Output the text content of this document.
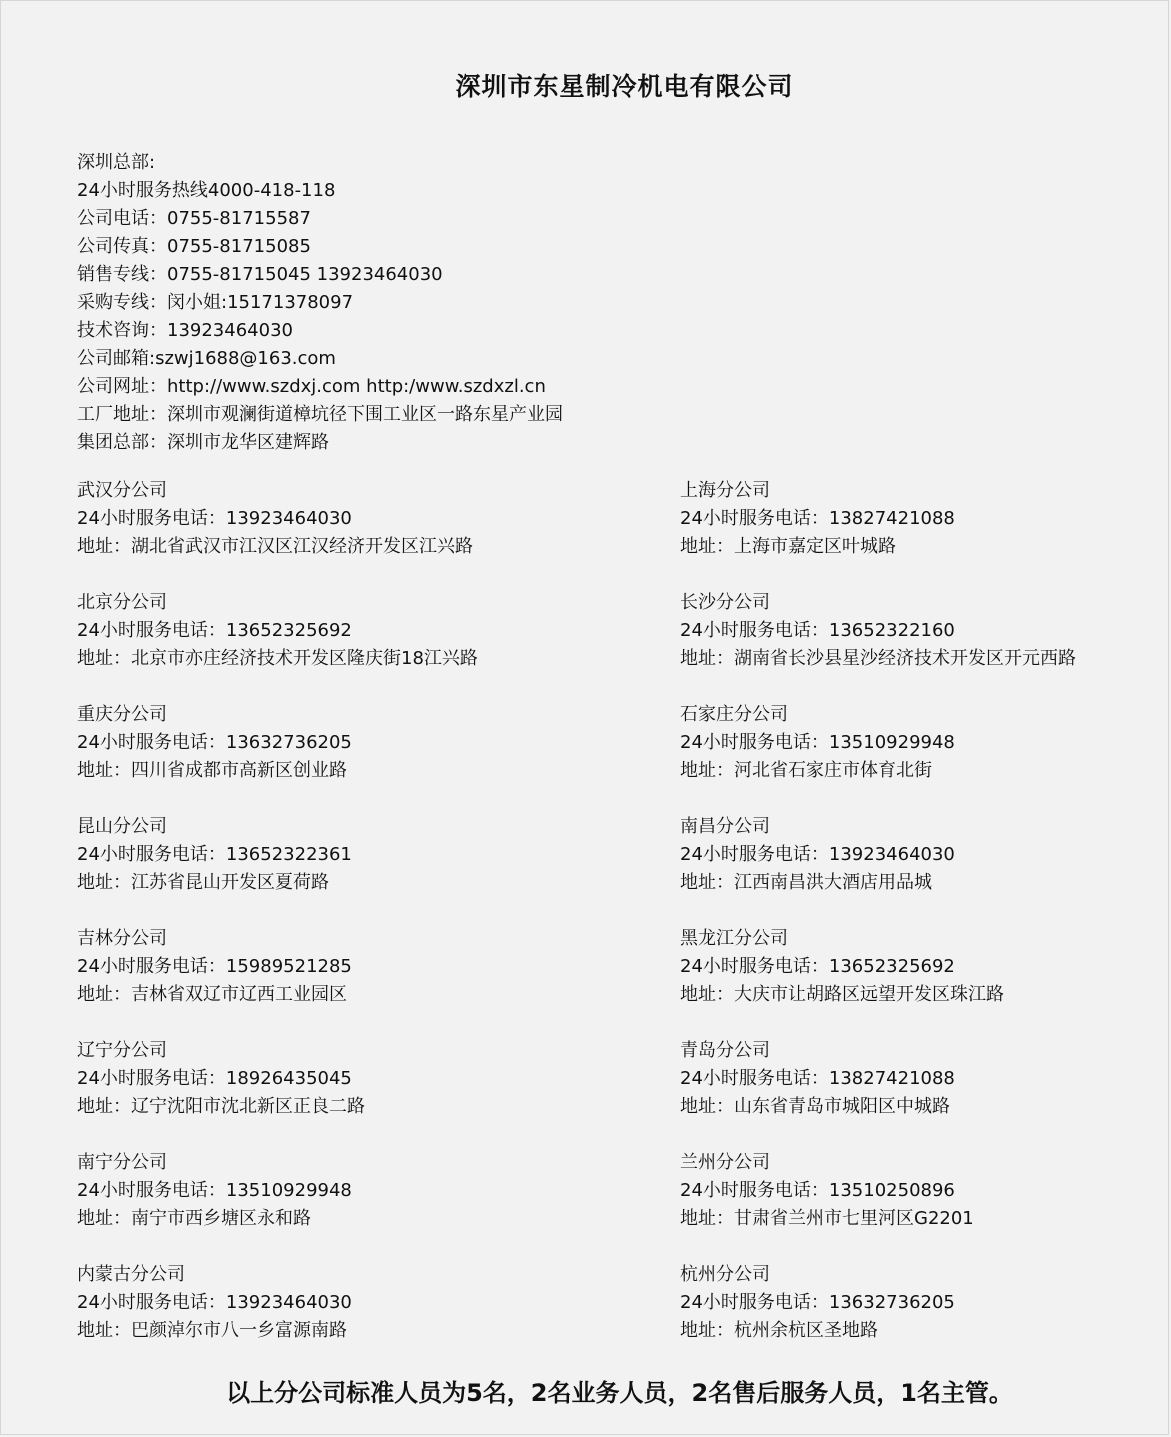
深圳市东星制冷机电有限公司
深圳总部:
24小时服务热线4000-418-118
公司电话：0755-81715587
公司传真：0755-81715085
销售专线：0755-81715045 13923464030
采购专线：闵小姐:15171378097
技术咨询：13923464030
公司邮箱:szwj1688@163.com
公司网址：http://www.szdxj.com http:/www.szdxzl.cn
工厂地址：深圳市观澜街道樟坑径下围工业区一路东星产业园
集团总部：深圳市龙华区建辉路
武汉分公司
24小时服务电话：13923464030
地址：湖北省武汉市江汉区江汉经济开发区江兴路
上海分公司
24小时服务电话：13827421088
地址：上海市嘉定区叶城路
北京分公司
24小时服务电话：13652325692
地址：北京市亦庄经济技术开发区隆庆街18江兴路
长沙分公司
24小时服务电话：13652322160
地址：湖南省长沙县星沙经济技术开发区开元西路
重庆分公司
24小时服务电话：13632736205
地址：四川省成都市高新区创业路
石家庄分公司
24小时服务电话：13510929948
地址：河北省石家庄市体育北街
昆山分公司
24小时服务电话：13652322361
地址：江苏省昆山开发区夏荷路
南昌分公司
24小时服务电话：13923464030
地址：江西南昌洪大酒店用品城
吉林分公司
24小时服务电话：15989521285
地址：吉林省双辽市辽西工业园区
黑龙江分公司
24小时服务电话：13652325692
地址：大庆市让胡路区远望开发区珠江路
辽宁分公司
24小时服务电话：18926435045
地址：辽宁沈阳市沈北新区正良二路
青岛分公司
24小时服务电话：13827421088
地址：山东省青岛市城阳区中城路
南宁分公司
24小时服务电话：13510929948
地址：南宁市西乡塘区永和路
兰州分公司
24小时服务电话：13510250896
地址：甘肃省兰州市七里河区G2201
内蒙古分公司
24小时服务电话：13923464030
地址：巴颜淖尔市八一乡富源南路
杭州分公司
24小时服务电话：13632736205
地址：杭州余杭区圣地路
以上分公司标准人员为5名，2名业务人员，2名售后服务人员，1名主管。
